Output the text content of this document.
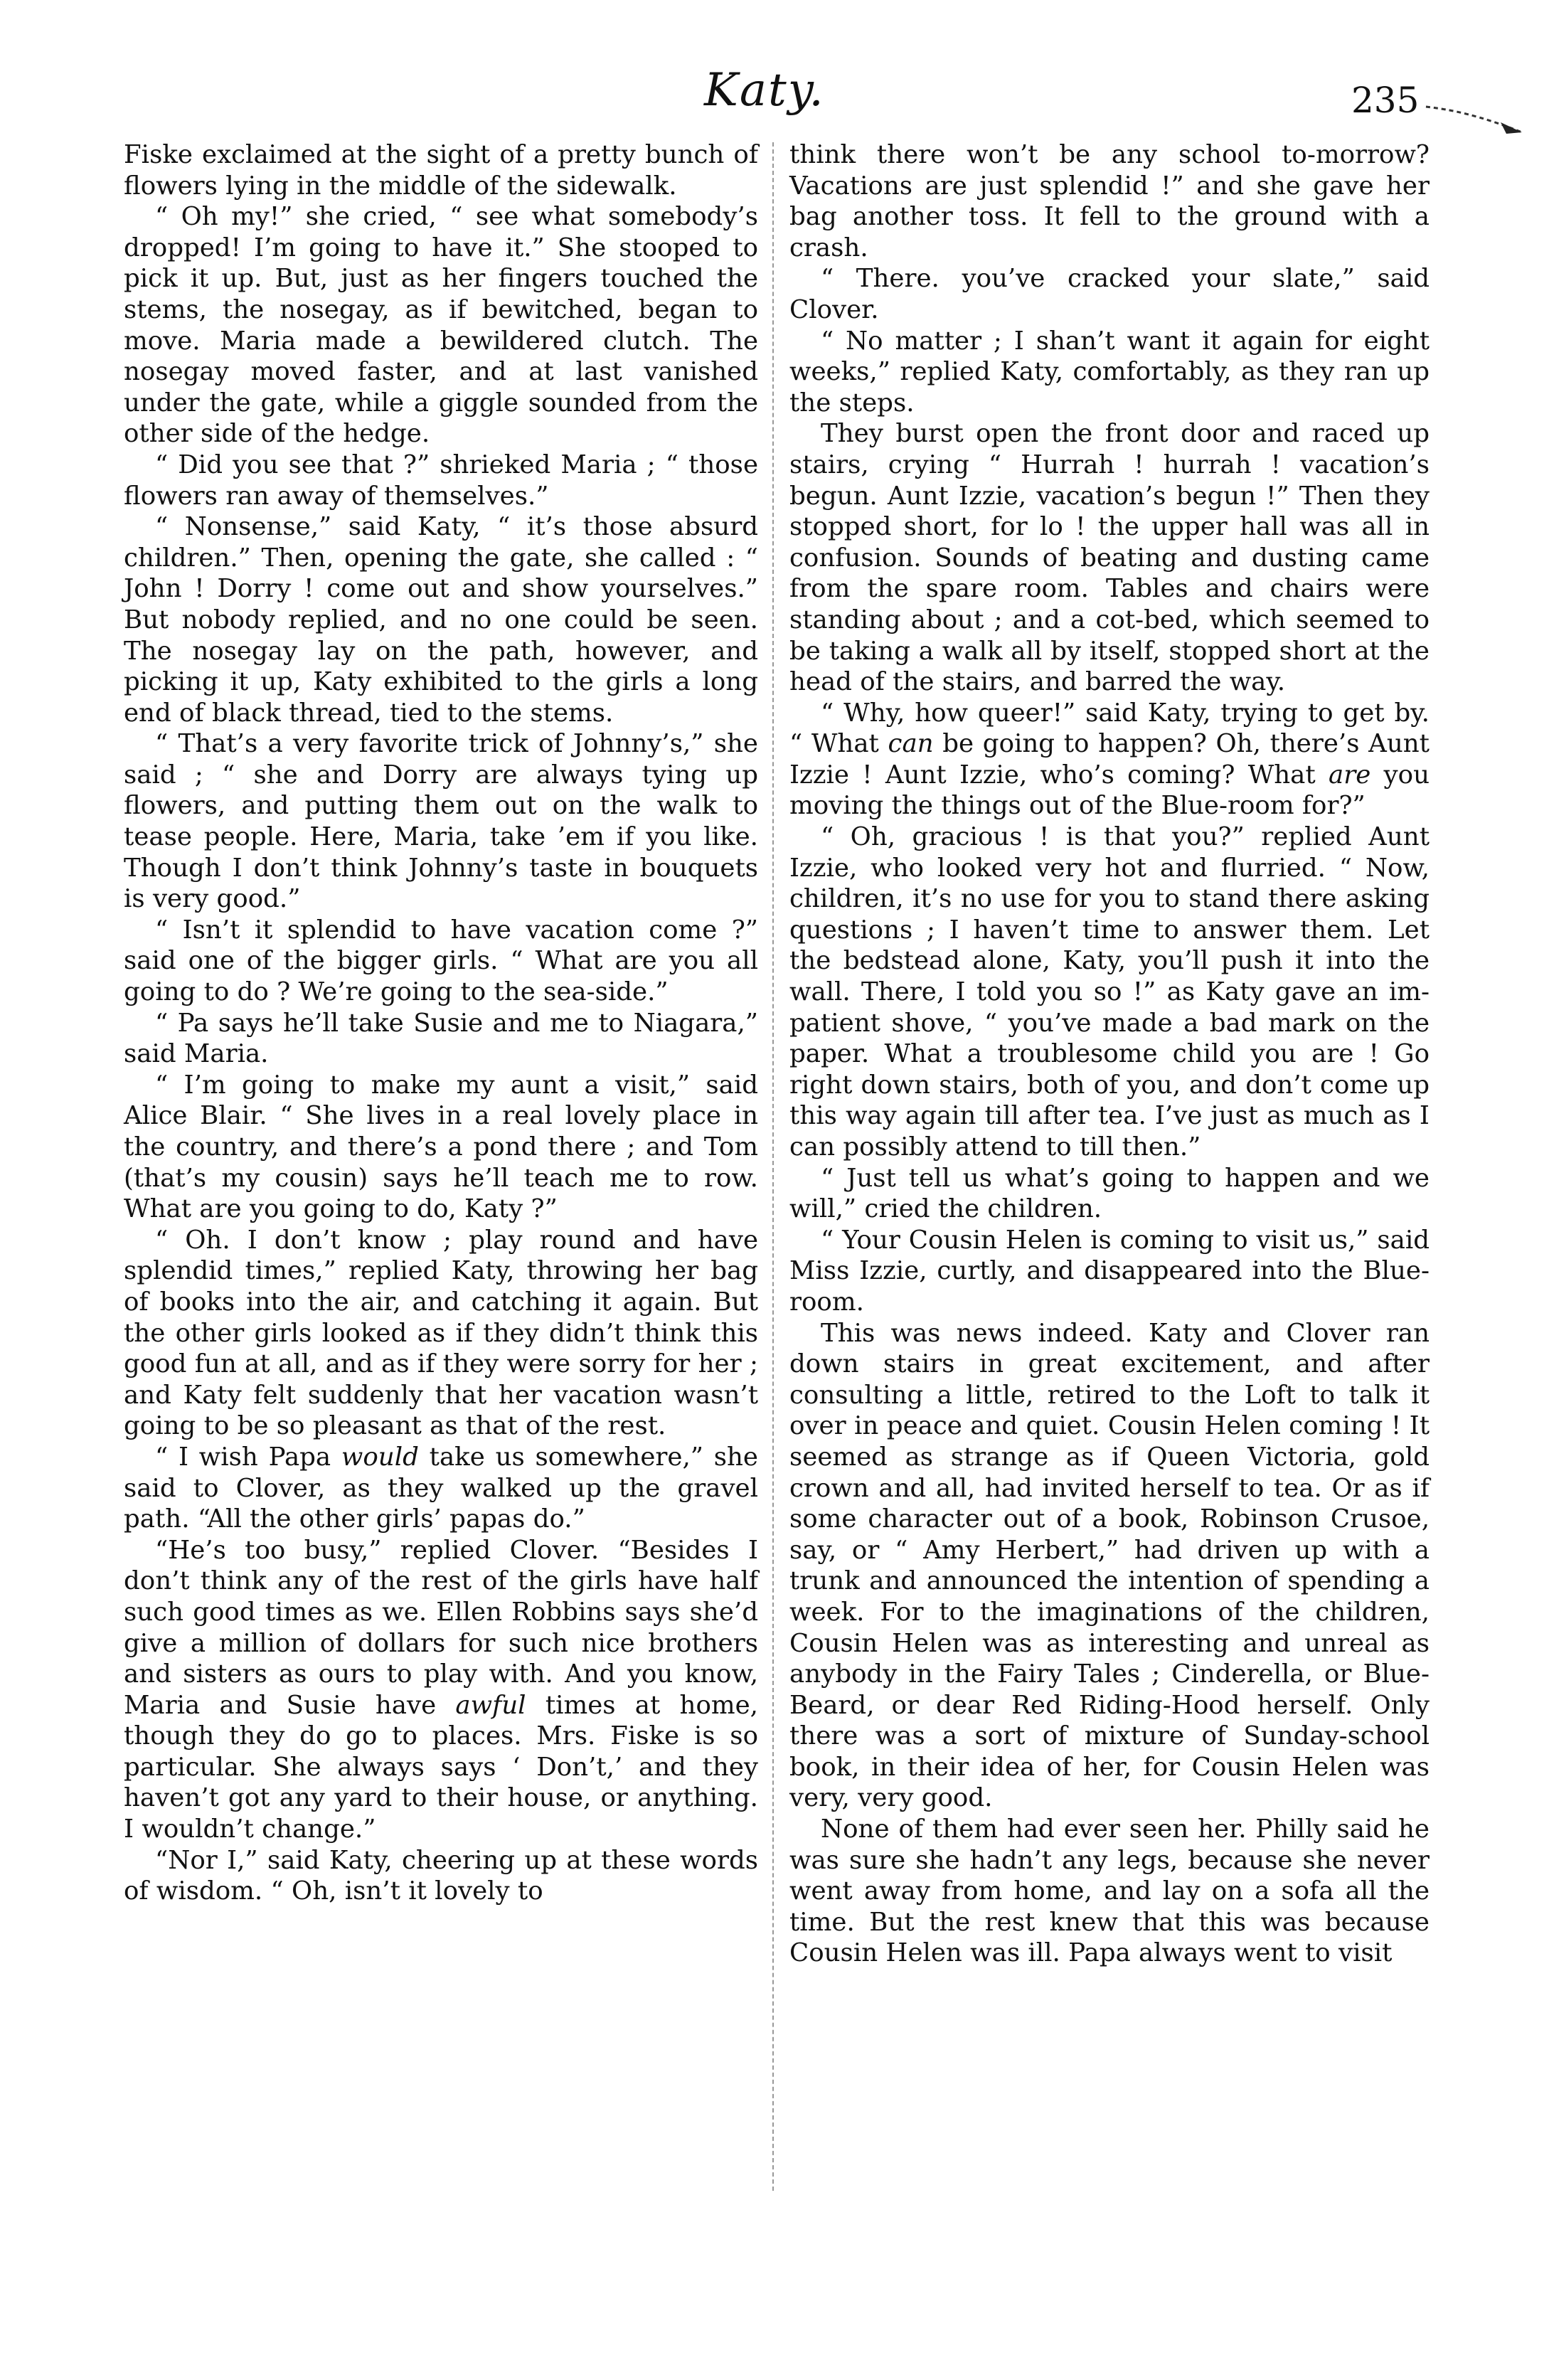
Katy.	235

Fiske exclaimed at the sight of a pretty bunch of flowers lying in the middle of the sidewalk.

“ Oh my!” she cried, “ see what somebody’s dropped! I’m going to have it.” She stooped to pick it up. But, just as her fingers touched the stems, the nosegay, as if bewitched, began to move. Maria made a bewildered clutch. The nosegay moved faster, and at last vanished under the gate, while a giggle sounded from the other side of the hedge.

“ Did you see that ?” shrieked Maria ; “ those flowers ran away of themselves.”

“ Nonsense,” said Katy, “ it’s those absurd children.” Then, opening the gate, she called : “ John ! Dorry ! come out and show yourselves.” But nobody replied, and no one could be seen. The nosegay lay on the path, however, and picking it up, Katy exhibited to the girls a long end of black thread, tied to the stems.

“ That’s a very favorite trick of Johnny’s,” she said ; “ she and Dorry are always tying up flowers, and putting them out on the walk to tease people. Here, Maria, take ’em if you like. Though I don’t think Johnny’s taste in bouquets is very good.”

“ Isn’t it splendid to have vacation come ?” said one of the bigger girls. “ What are you all going to do ? We’re going to the sea-side.”

“ Pa says he’ll take Susie and me to Niagara,” said Maria.

“ I’m going to make my aunt a visit,” said Alice Blair. “ She lives in a real lovely place in the country, and there’s a pond there ; and Tom (that’s my cousin) says he’ll teach me to row. What are you going to do, Katy ?”

“ Oh. I don’t know ; play round and have splendid times,” replied Katy, throwing her bag of books into the air, and catching it again. But the other girls looked as if they didn’t think this good fun at all, and as if they were sorry for her ; and Katy felt suddenly that her vacation wasn’t going to be so pleasant as that of the rest.

“ I wish Papa would take us somewhere,” she said to Clover, as they walked up the gravel path. “All the other girls’ papas do.”

“He’s too busy,” replied Clover. “Besides I don’t think any of the rest of the girls have half such good times as we. Ellen Robbins says she’d give a million of dollars for such nice brothers and sisters as ours to play with. And you know, Maria and Susie have awful times at home, though they do go to places. Mrs. Fiske is so particular. She always says ‘ Don’t,’ and they haven’t got any yard to their house, or anything. I wouldn’t change.”

“Nor I,” said Katy, cheering up at these words of wisdom. “ Oh, isn’t it lovely to

think there won’t be any school to-morrow? Vacations are just splendid !” and she gave her bag another toss. It fell to the ground with a crash.

“ There. you’ve cracked your slate,” said Clover.

“ No matter ; I shan’t want it again for eight weeks,” replied Katy, comfortably, as they ran up the steps.

They burst open the front door and raced up stairs, crying “ Hurrah ! hurrah ! vacation’s begun. Aunt Izzie, vacation’s begun !” Then they stopped short, for lo ! the upper hall was all in confusion. Sounds of beating and dusting came from the spare room. Tables and chairs were standing about ; and a cot-bed, which seemed to be taking a walk all by itself, stopped short at the head of the stairs, and barred the way.

“ Why, how queer!” said Katy, trying to get by. “ What can be going to happen? Oh, there’s Aunt Izzie ! Aunt Izzie, who’s coming? What are you moving the things out of the Blue-room for?”

“ Oh, gracious ! is that you?” replied Aunt Izzie, who looked very hot and flurried. “ Now, children, it’s no use for you to stand there asking questions ; I haven’t time to answer them. Let the bedstead alone, Katy, you’ll push it into the wall. There, I told you so !” as Katy gave an impatient shove, “ you’ve made a bad mark on the paper. What a troublesome child you are ! Go right down stairs, both of you, and don’t come up this way again till after tea. I’ve just as much as I can possibly attend to till then.”

“ Just tell us what’s going to happen and we will,” cried the children.

“ Your Cousin Helen is coming to visit us,” said Miss Izzie, curtly, and disappeared into the Blue-room.

This was news indeed. Katy and Clover ran down stairs in great excitement, and after consulting a little, retired to the Loft to talk it over in peace and quiet. Cousin Helen coming ! It seemed as strange as if Queen Victoria, gold crown and all, had invited herself to tea. Or as if some character out of a book, Robinson Crusoe, say, or “ Amy Herbert,” had driven up with a trunk and announced the intention of spending a week. For to the imaginations of the children, Cousin Helen was as interesting and unreal as anybody in the Fairy Tales ; Cinderella, or Blue-Beard, or dear Red Riding-Hood herself. Only there was a sort of mixture of Sunday-school book, in their idea of her, for Cousin Helen was very, very good.

None of them had ever seen her. Philly said he was sure she hadn’t any legs, because she never went away from home, and lay on a sofa all the time. But the rest knew that this was because Cousin Helen was ill. Papa always went to visit
